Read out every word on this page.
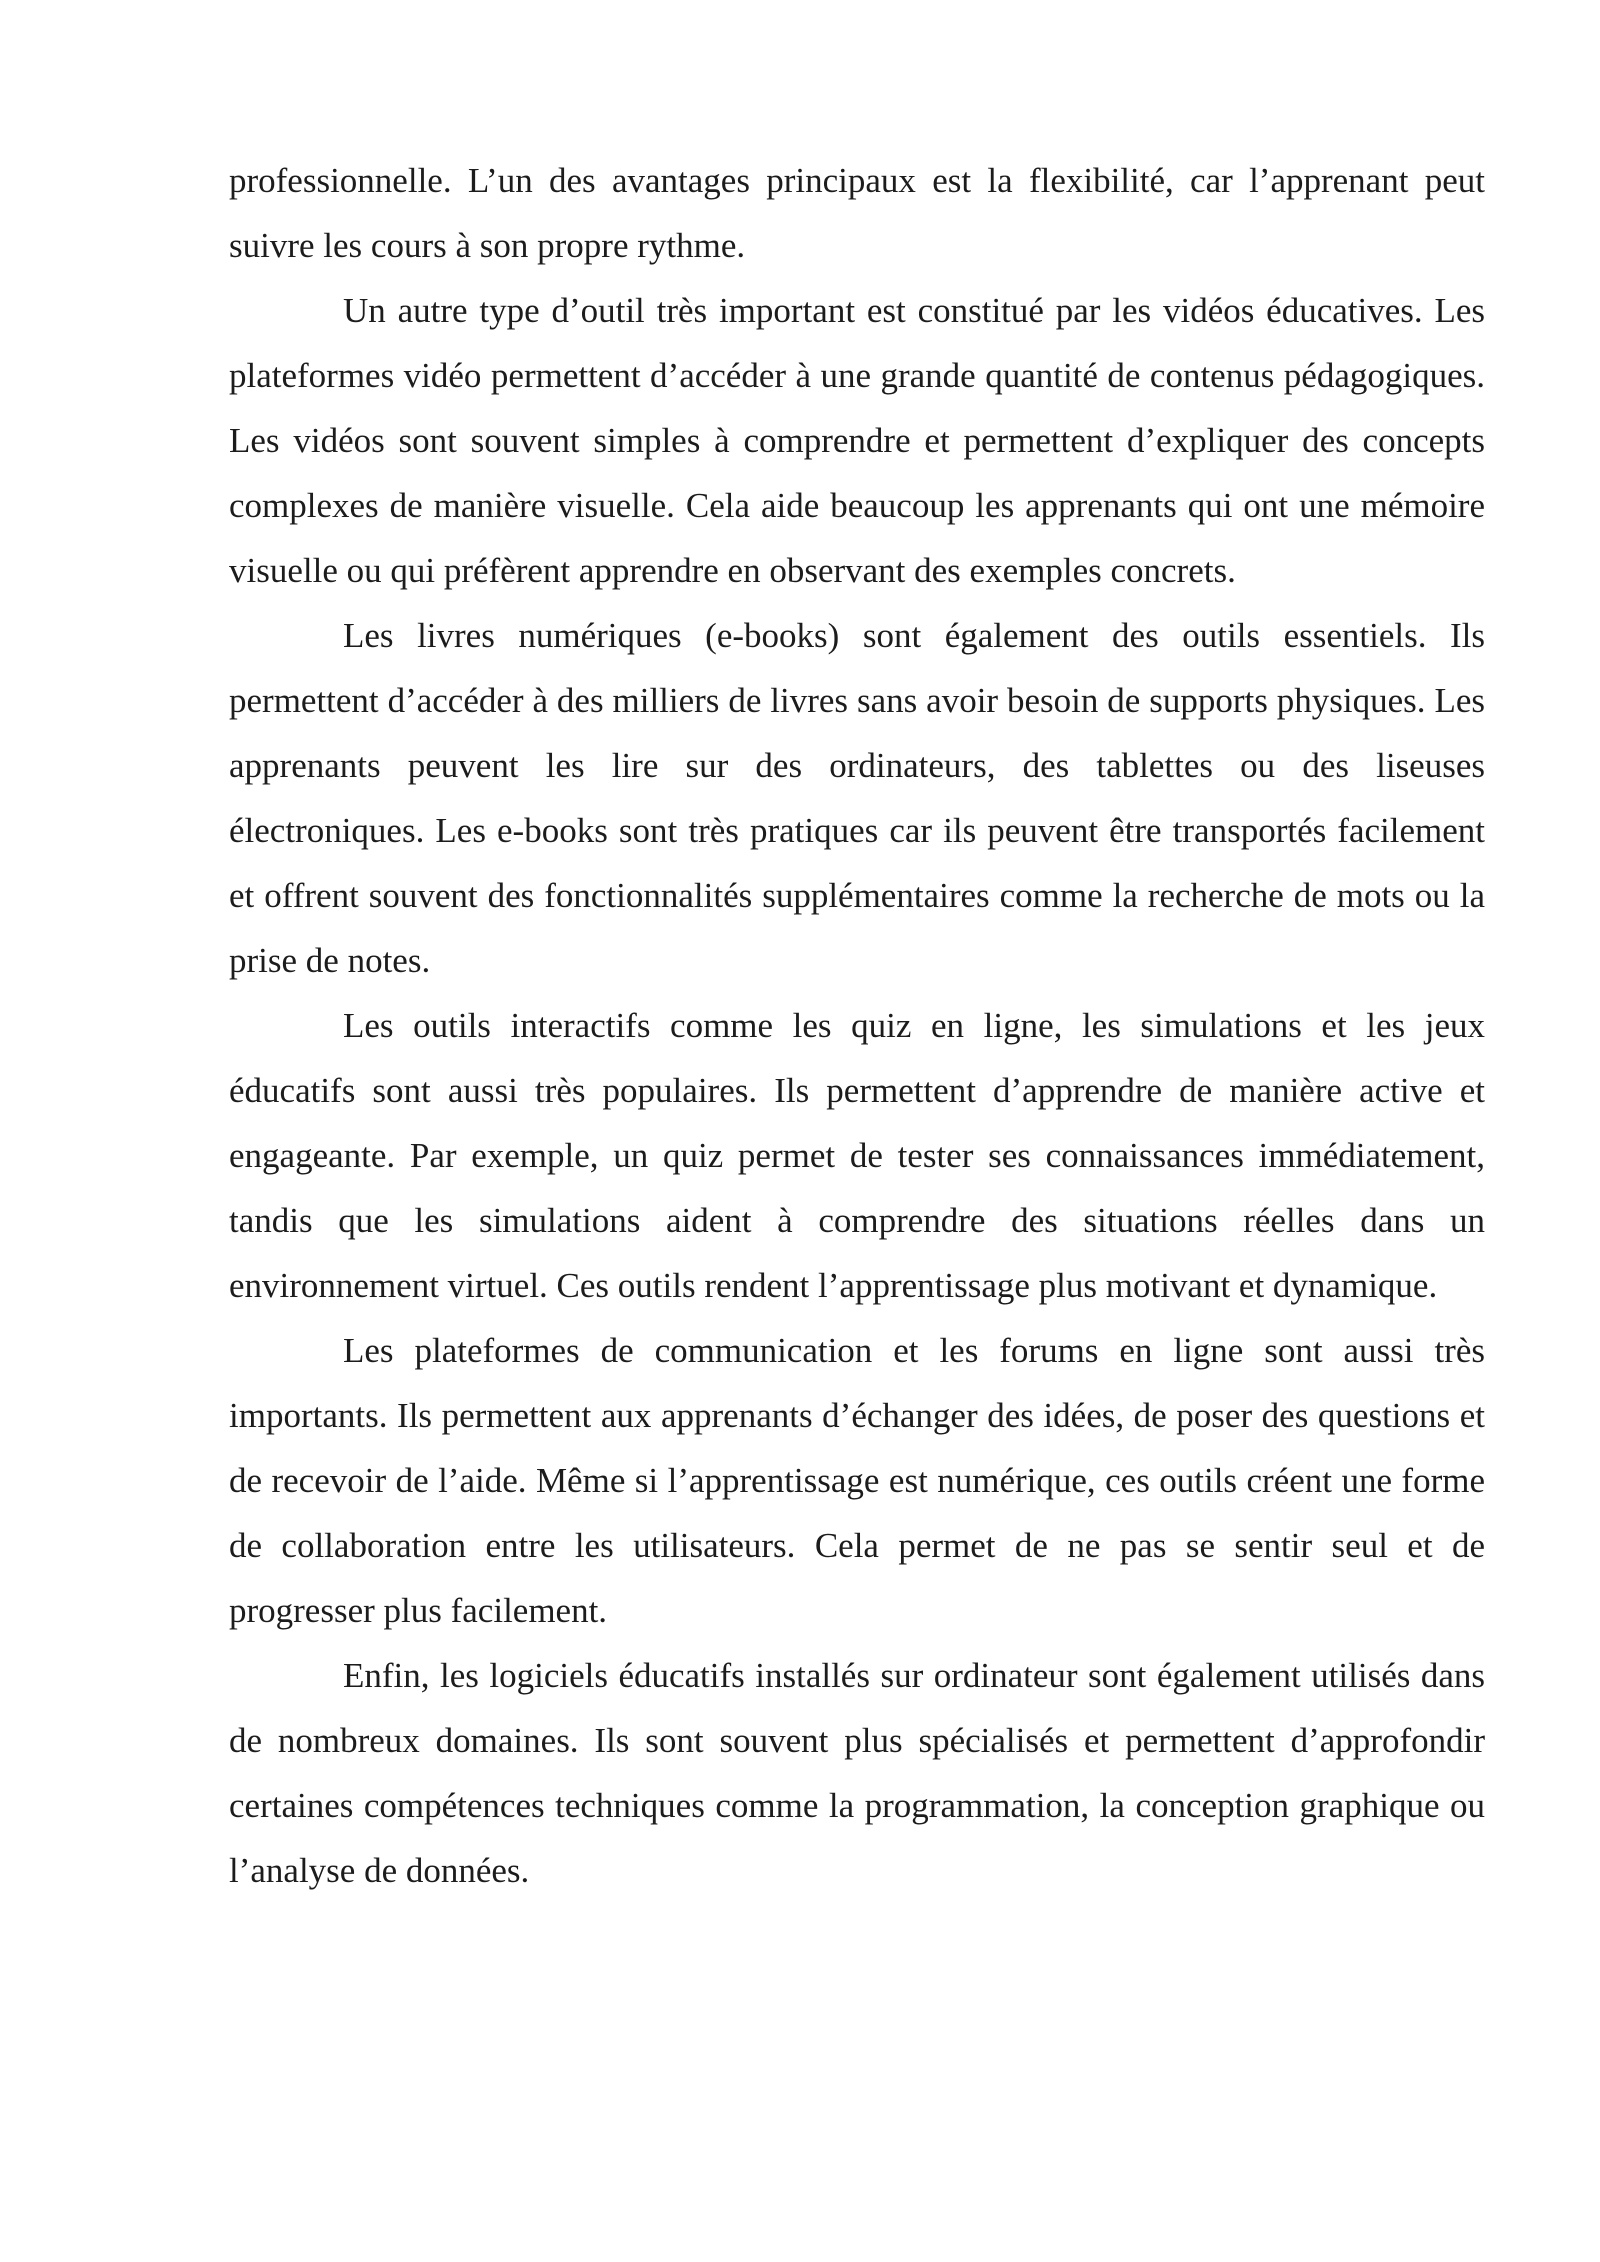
professionnelle. L’un des avantages principaux est la flexibilité, car l’apprenant peut suivre les cours à son propre rythme.

Un autre type d’outil très important est constitué par les vidéos éducatives. Les plateformes vidéo permettent d’accéder à une grande quantité de contenus pédagogiques. Les vidéos sont souvent simples à comprendre et permettent d’expliquer des concepts complexes de manière visuelle. Cela aide beaucoup les apprenants qui ont une mémoire visuelle ou qui préfèrent apprendre en observant des exemples concrets.

Les livres numériques (e-books) sont également des outils essentiels. Ils permettent d’accéder à des milliers de livres sans avoir besoin de supports physiques. Les apprenants peuvent les lire sur des ordinateurs, des tablettes ou des liseuses électroniques. Les e-books sont très pratiques car ils peuvent être transportés facilement et offrent souvent des fonctionnalités supplémentaires comme la recherche de mots ou la prise de notes.

Les outils interactifs comme les quiz en ligne, les simulations et les jeux éducatifs sont aussi très populaires. Ils permettent d’apprendre de manière active et engageante. Par exemple, un quiz permet de tester ses connaissances immédiatement, tandis que les simulations aident à comprendre des situations réelles dans un environnement virtuel. Ces outils rendent l’apprentissage plus motivant et dynamique.

Les plateformes de communication et les forums en ligne sont aussi très importants. Ils permettent aux apprenants d’échanger des idées, de poser des questions et de recevoir de l’aide. Même si l’apprentissage est numérique, ces outils créent une forme de collaboration entre les utilisateurs. Cela permet de ne pas se sentir seul et de progresser plus facilement.

Enfin, les logiciels éducatifs installés sur ordinateur sont également utilisés dans de nombreux domaines. Ils sont souvent plus spécialisés et permettent d’approfondir certaines compétences techniques comme la programmation, la conception graphique ou l’analyse de données.
